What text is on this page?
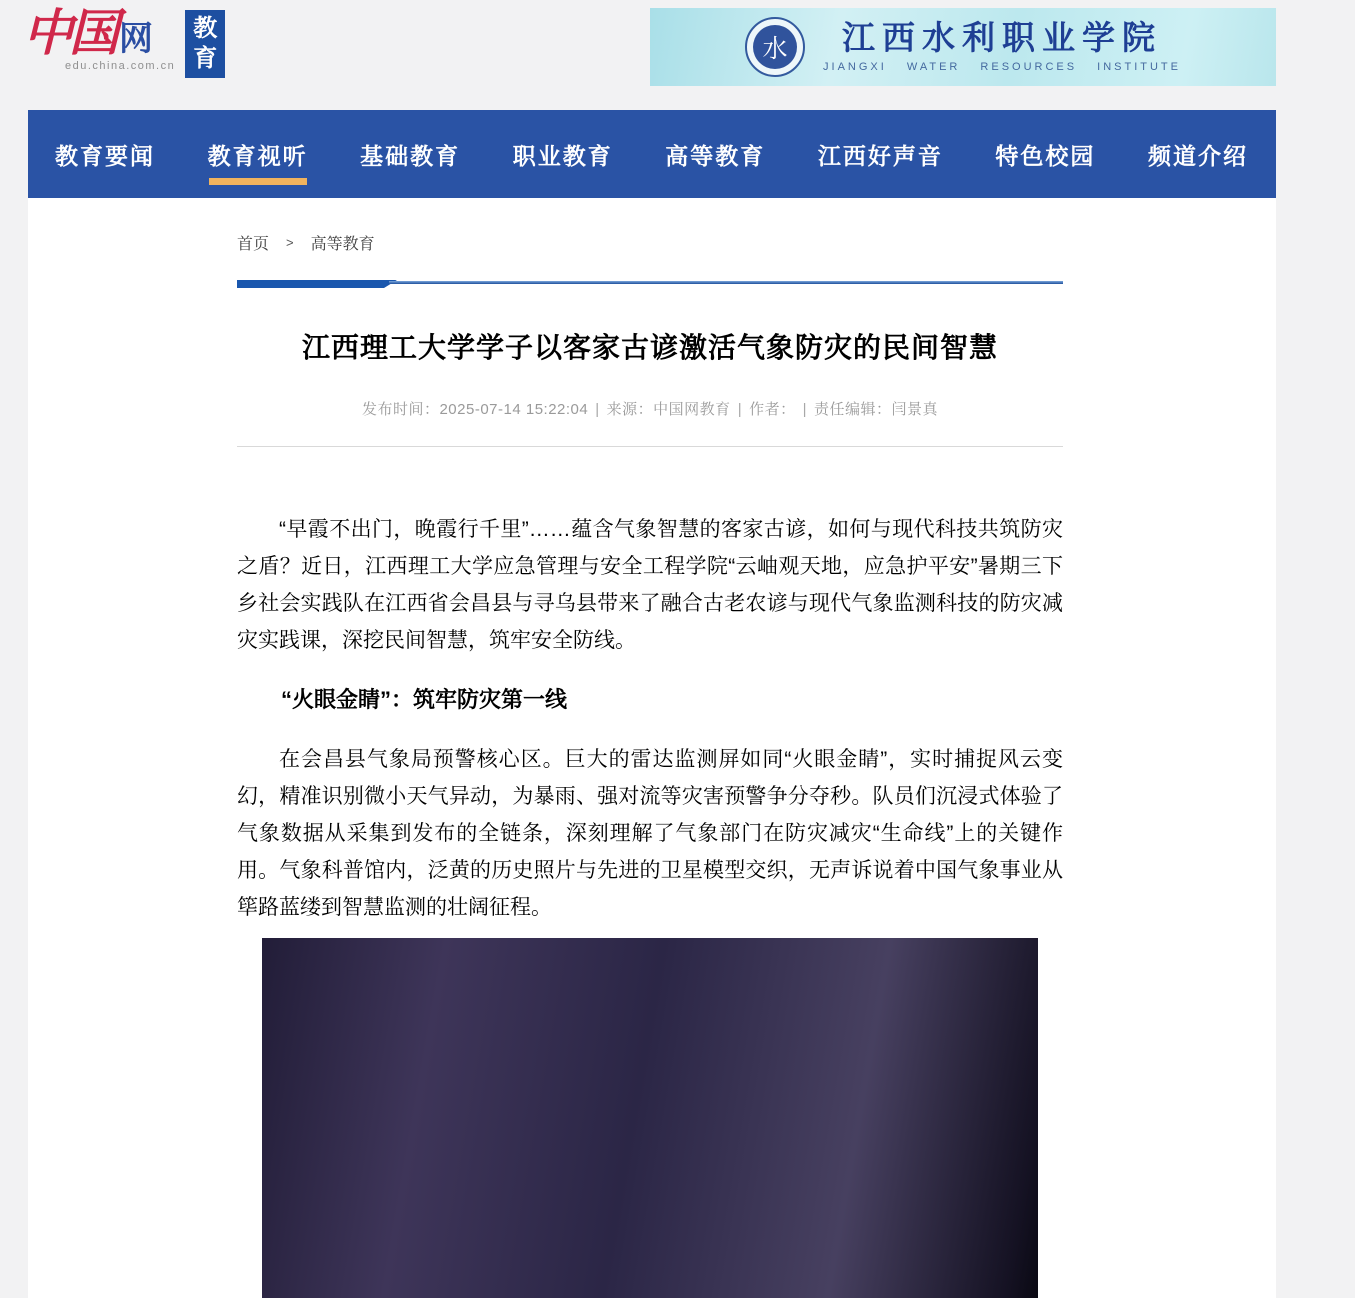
中国 网
edu.china.com.cn
教
育	水	江西水利职业学院
JIANGXI WATER RESOURCES INSTITUTE
教育要闻 教育视听 基础教育 职业教育 高等教育 江西好声音 特色校园 频道介绍
首页 > 高等教育
江西理工大学学子以客家古谚激活气象防灾的民间智慧
发布时间：2025-07-14 15:22:04 | 来源：中国网教育 | 作者： | 责任编辑：闫景真

“早霞不出门，晚霞行千里”……蕴含气象智慧的客家古谚，如何与现代科技共筑防灾之盾？近日，江西理工大学应急管理与安全工程学院“云岫观天地，应急护平安”暑期三下乡社会实践队在江西省会昌县与寻乌县带来了融合古老农谚与现代气象监测科技的防灾减灾实践课，深挖民间智慧，筑牢安全防线。

“火眼金睛”：筑牢防灾第一线

在会昌县气象局预警核心区。巨大的雷达监测屏如同“火眼金睛”，实时捕捉风云变幻，精准识别微小天气异动，为暴雨、强对流等灾害预警争分夺秒。队员们沉浸式体验了气象数据从采集到发布的全链条，深刻理解了气象部门在防灾减灾“生命线”上的关键作用。气象科普馆内，泛黄的历史照片与先进的卫星模型交织，无声诉说着中国气象事业从筚路蓝缕到智慧监测的壮阔征程。
